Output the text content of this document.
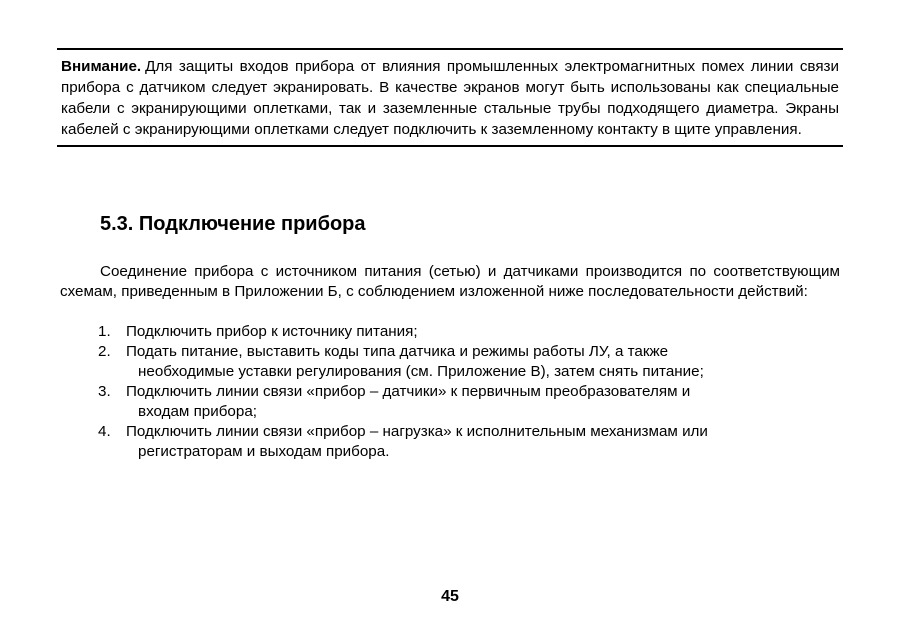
Внимание. Для защиты входов прибора от влияния промышленных электромагнитных помех линии связи прибора с датчиком следует экранировать. В качестве экранов могут быть использованы как специальные кабели с экранирующими оплетками, так и заземленные стальные трубы подходящего диаметра. Экраны кабелей с экранирующими оплетками следует подключить к заземленному контакту в щите управления.
5.3. Подключение прибора

Соединение прибора с источником питания (сетью) и датчиками производится по соответствующим схемам, приведенным в Приложении Б, с соблюдением изложенной ниже последовательности действий:

1.	Подключить прибор к источнику питания;
2.	Подать питание, выставить коды типа датчика и режимы работы ЛУ, а также
необходимые уставки регулирования (см. Приложение В), затем снять питание;
3.	Подключить линии связи «прибор – датчики» к первичным преобразователям и
входам прибора;
4.	Подключить линии связи «прибор – нагрузка» к исполнительным механизмам или
регистраторам и выходам прибора.
45
